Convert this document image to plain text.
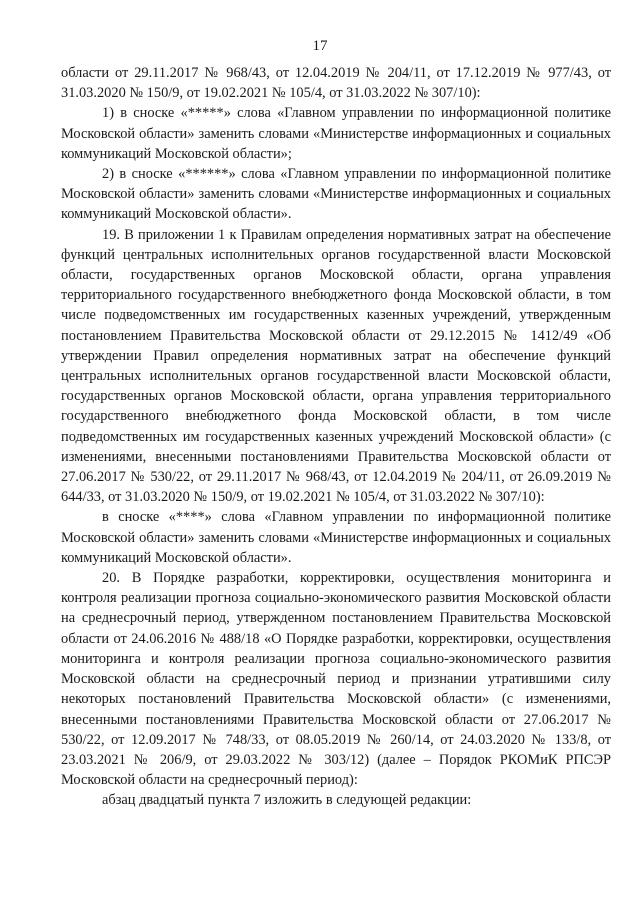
17

области от 29.11.2017 № 968/43, от 12.04.2019 № 204/11, от 17.12.2019 № 977/43, от 31.03.2020 № 150/9, от 19.02.2021 № 105/4, от 31.03.2022 № 307/10):

1) в сноске «*****» слова «Главном управлении по информационной политике Московской области» заменить словами «Министерстве информационных и социальных коммуникаций Московской области»;

2) в сноске «******» слова «Главном управлении по информационной политике Московской области» заменить словами «Министерстве информационных и социальных коммуникаций Московской области».

19. В приложении 1 к Правилам определения нормативных затрат на обеспечение функций центральных исполнительных органов государственной власти Московской области, государственных органов Московской области, органа управления территориального государственного внебюджетного фонда Московской области, в том числе подведомственных им государственных казенных учреждений, утвержденным постановлением Правительства Московской области от 29.12.2015 № 1412/49 «Об утверждении Правил определения нормативных затрат на обеспечение функций центральных исполнительных органов государственной власти Московской области, государственных органов Московской области, органа управления территориального государственного внебюджетного фонда Московской области, в том числе подведомственных им государственных казенных учреждений Московской области» (с изменениями, внесенными постановлениями Правительства Московской области от 27.06.2017 № 530/22, от 29.11.2017 № 968/43, от 12.04.2019 № 204/11, от 26.09.2019 № 644/33, от 31.03.2020 № 150/9, от 19.02.2021 № 105/4, от 31.03.2022 № 307/10):

в сноске «****» слова «Главном управлении по информационной политике Московской области» заменить словами «Министерстве информационных и социальных коммуникаций Московской области».

20. В Порядке разработки, корректировки, осуществления мониторинга и контроля реализации прогноза социально-экономического развития Московской области на среднесрочный период, утвержденном постановлением Правительства Московской области от 24.06.2016 № 488/18 «О Порядке разработки, корректировки, осуществления мониторинга и контроля реализации прогноза социально-экономического развития Московской области на среднесрочный период и признании утратившими силу некоторых постановлений Правительства Московской области» (с изменениями, внесенными постановлениями Правительства Московской области от 27.06.2017 № 530/22, от 12.09.2017 № 748/33, от 08.05.2019 № 260/14, от 24.03.2020 № 133/8, от 23.03.2021 № 206/9, от 29.03.2022 № 303/12) (далее – Порядок РКОМиК РПСЭР Московской области на среднесрочный период):

абзац двадцатый пункта 7 изложить в следующей редакции:
